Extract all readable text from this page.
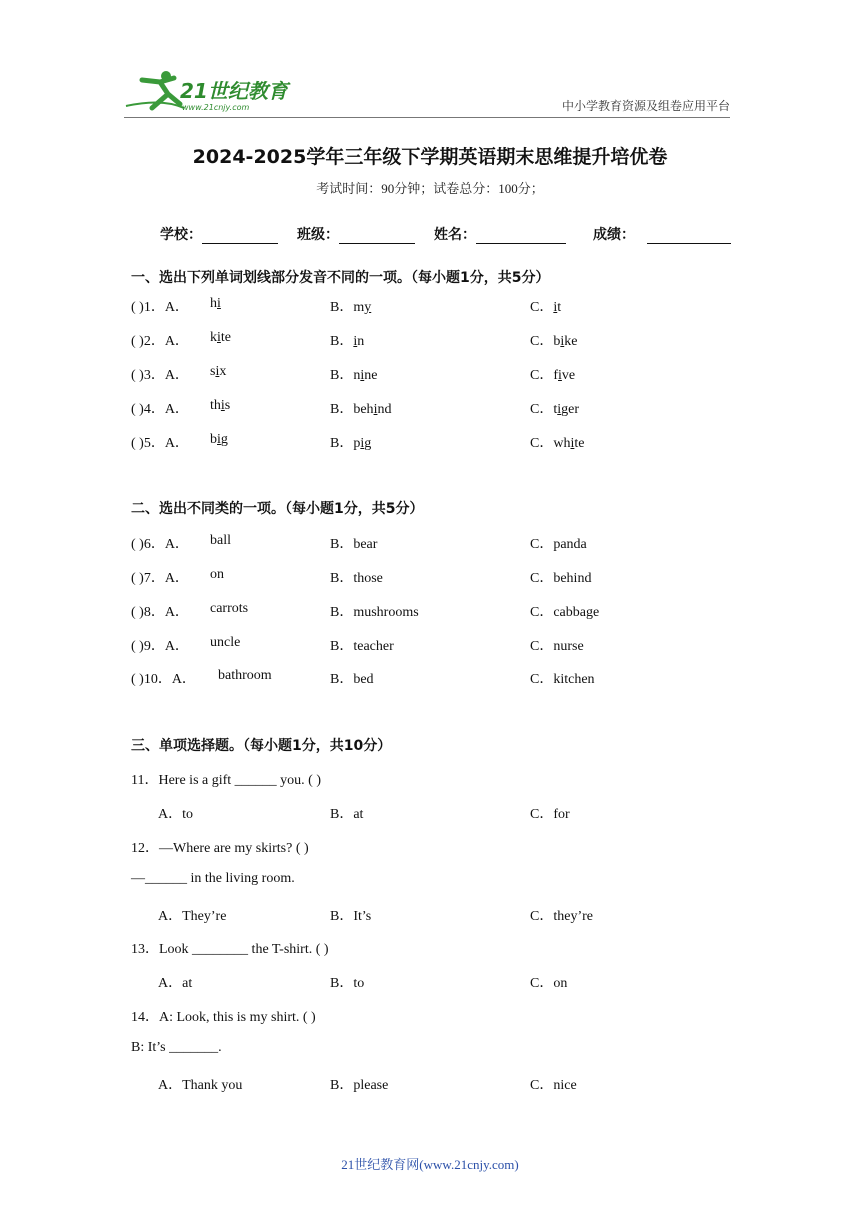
21世纪教育
www.21cnjy.com	中小学教育资源及组卷应用平台
2024-2025学年三年级下学期英语期末思维提升培优卷
考试时间：90分钟；试卷总分：100分；
学校：	班级：	姓名：	成绩：
一、选出下列单词划线部分发音不同的一项。（每小题1分，共5分）
( )1．A． hi	B．my	C．it
( )2．A． kite	B．in	C．bike
( )3．A． six	B．nine	C．five
( )4．A． this	B．behind	C．tiger
( )5．A． big	B．pig	C．white
二、选出不同类的一项。（每小题1分，共5分）
( )6．A． ball	B．bear	C．panda
( )7．A． on	B．those	C．behind
( )8．A． carrots	B．mushrooms	C．cabbage
( )9．A． uncle	B．teacher	C．nurse
( )10．A． bathroom	B．bed	C．kitchen
三、单项选择题。（每小题1分，共10分）
11．Here is a gift ______ you. ( )
A．to	B．at	C．for
12．—Where are my skirts? ( )
—______ in the living room.
A．They’re	B．It’s	C．they’re
13．Look ________ the T-shirt. ( )
A．at	B．to	C．on
14．A: Look, this is my shirt. ( )
B: It’s _______.
A．Thank you	B．please	C．nice
21世纪教育网(www.21cnjy.com)
